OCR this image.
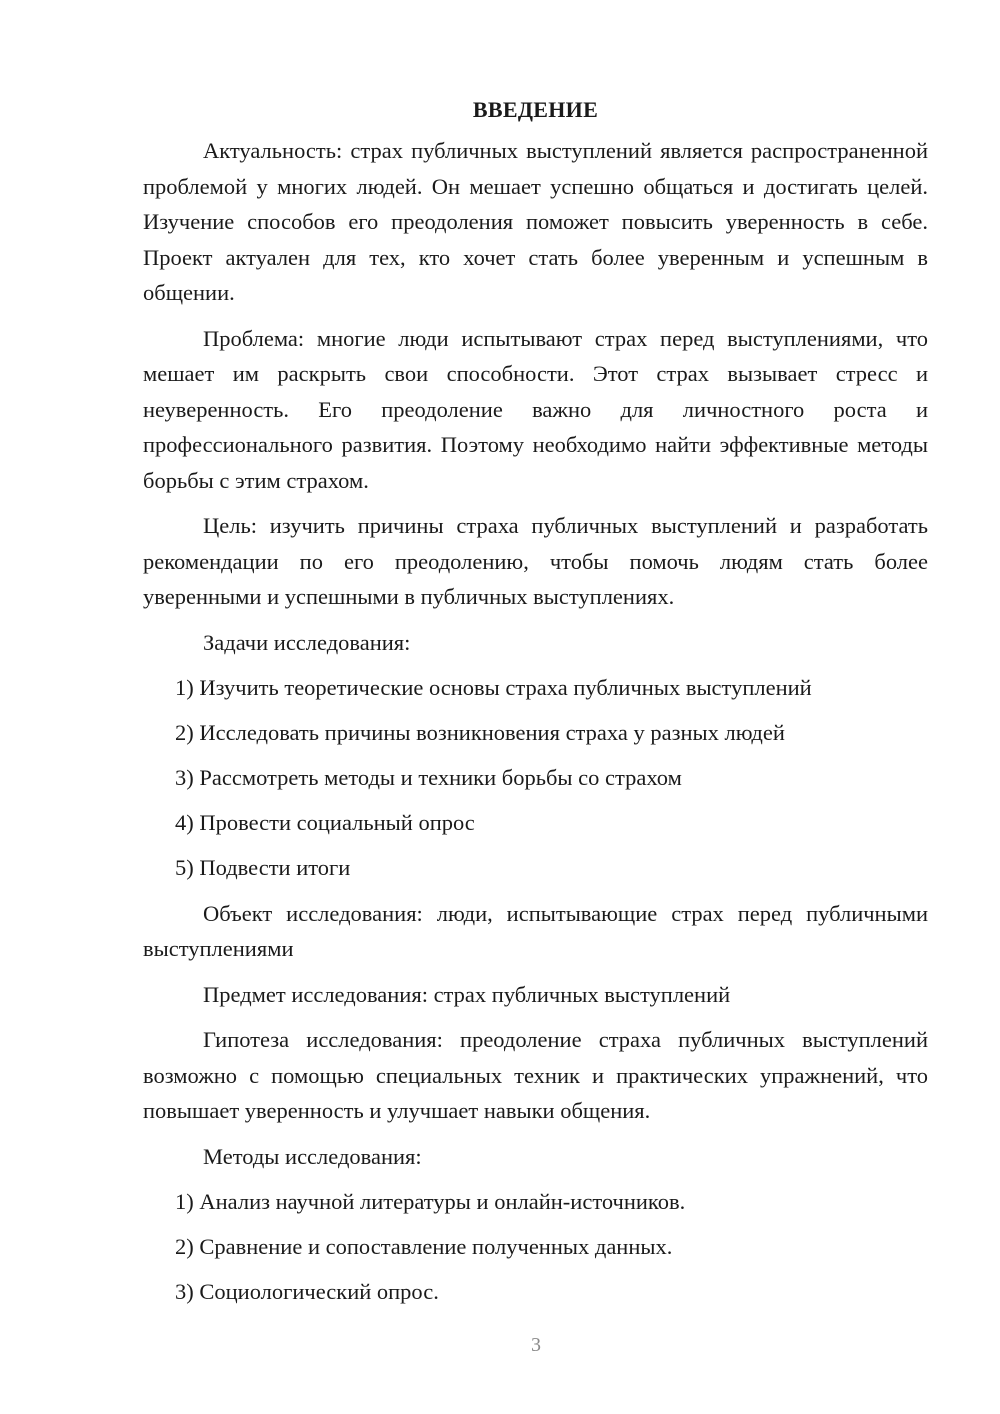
ВВЕДЕНИЕ

Актуальность: страх публичных выступлений является распространенной проблемой у многих людей. Он мешает успешно общаться и достигать целей. Изучение способов его преодоления поможет повысить уверенность в себе. Проект актуален для тех, кто хочет стать более уверенным и успешным в общении.

Проблема: многие люди испытывают страх перед выступлениями, что мешает им раскрыть свои способности. Этот страх вызывает стресс и неуверенность. Его преодоление важно для личностного роста и профессионального развития. Поэтому необходимо найти эффективные методы борьбы с этим страхом.

Цель: изучить причины страха публичных выступлений и разработать рекомендации по его преодолению, чтобы помочь людям стать более уверенными и успешными в публичных выступлениях.

Задачи исследования:

1) Изучить теоретические основы страха публичных выступлений
2) Исследовать причины возникновения страха у разных людей
3) Рассмотреть методы и техники борьбы со страхом
4) Провести социальный опрос
5) Подвести итоги

Объект исследования: люди, испытывающие страх перед публичными выступлениями

Предмет исследования: страх публичных выступлений

Гипотеза исследования: преодоление страха публичных выступлений возможно с помощью специальных техник и практических упражнений, что повышает уверенность и улучшает навыки общения.

Методы исследования:

1) Анализ научной литературы и онлайн-источников.
2) Сравнение и сопоставление полученных данных.
3) Социологический опрос.
3
